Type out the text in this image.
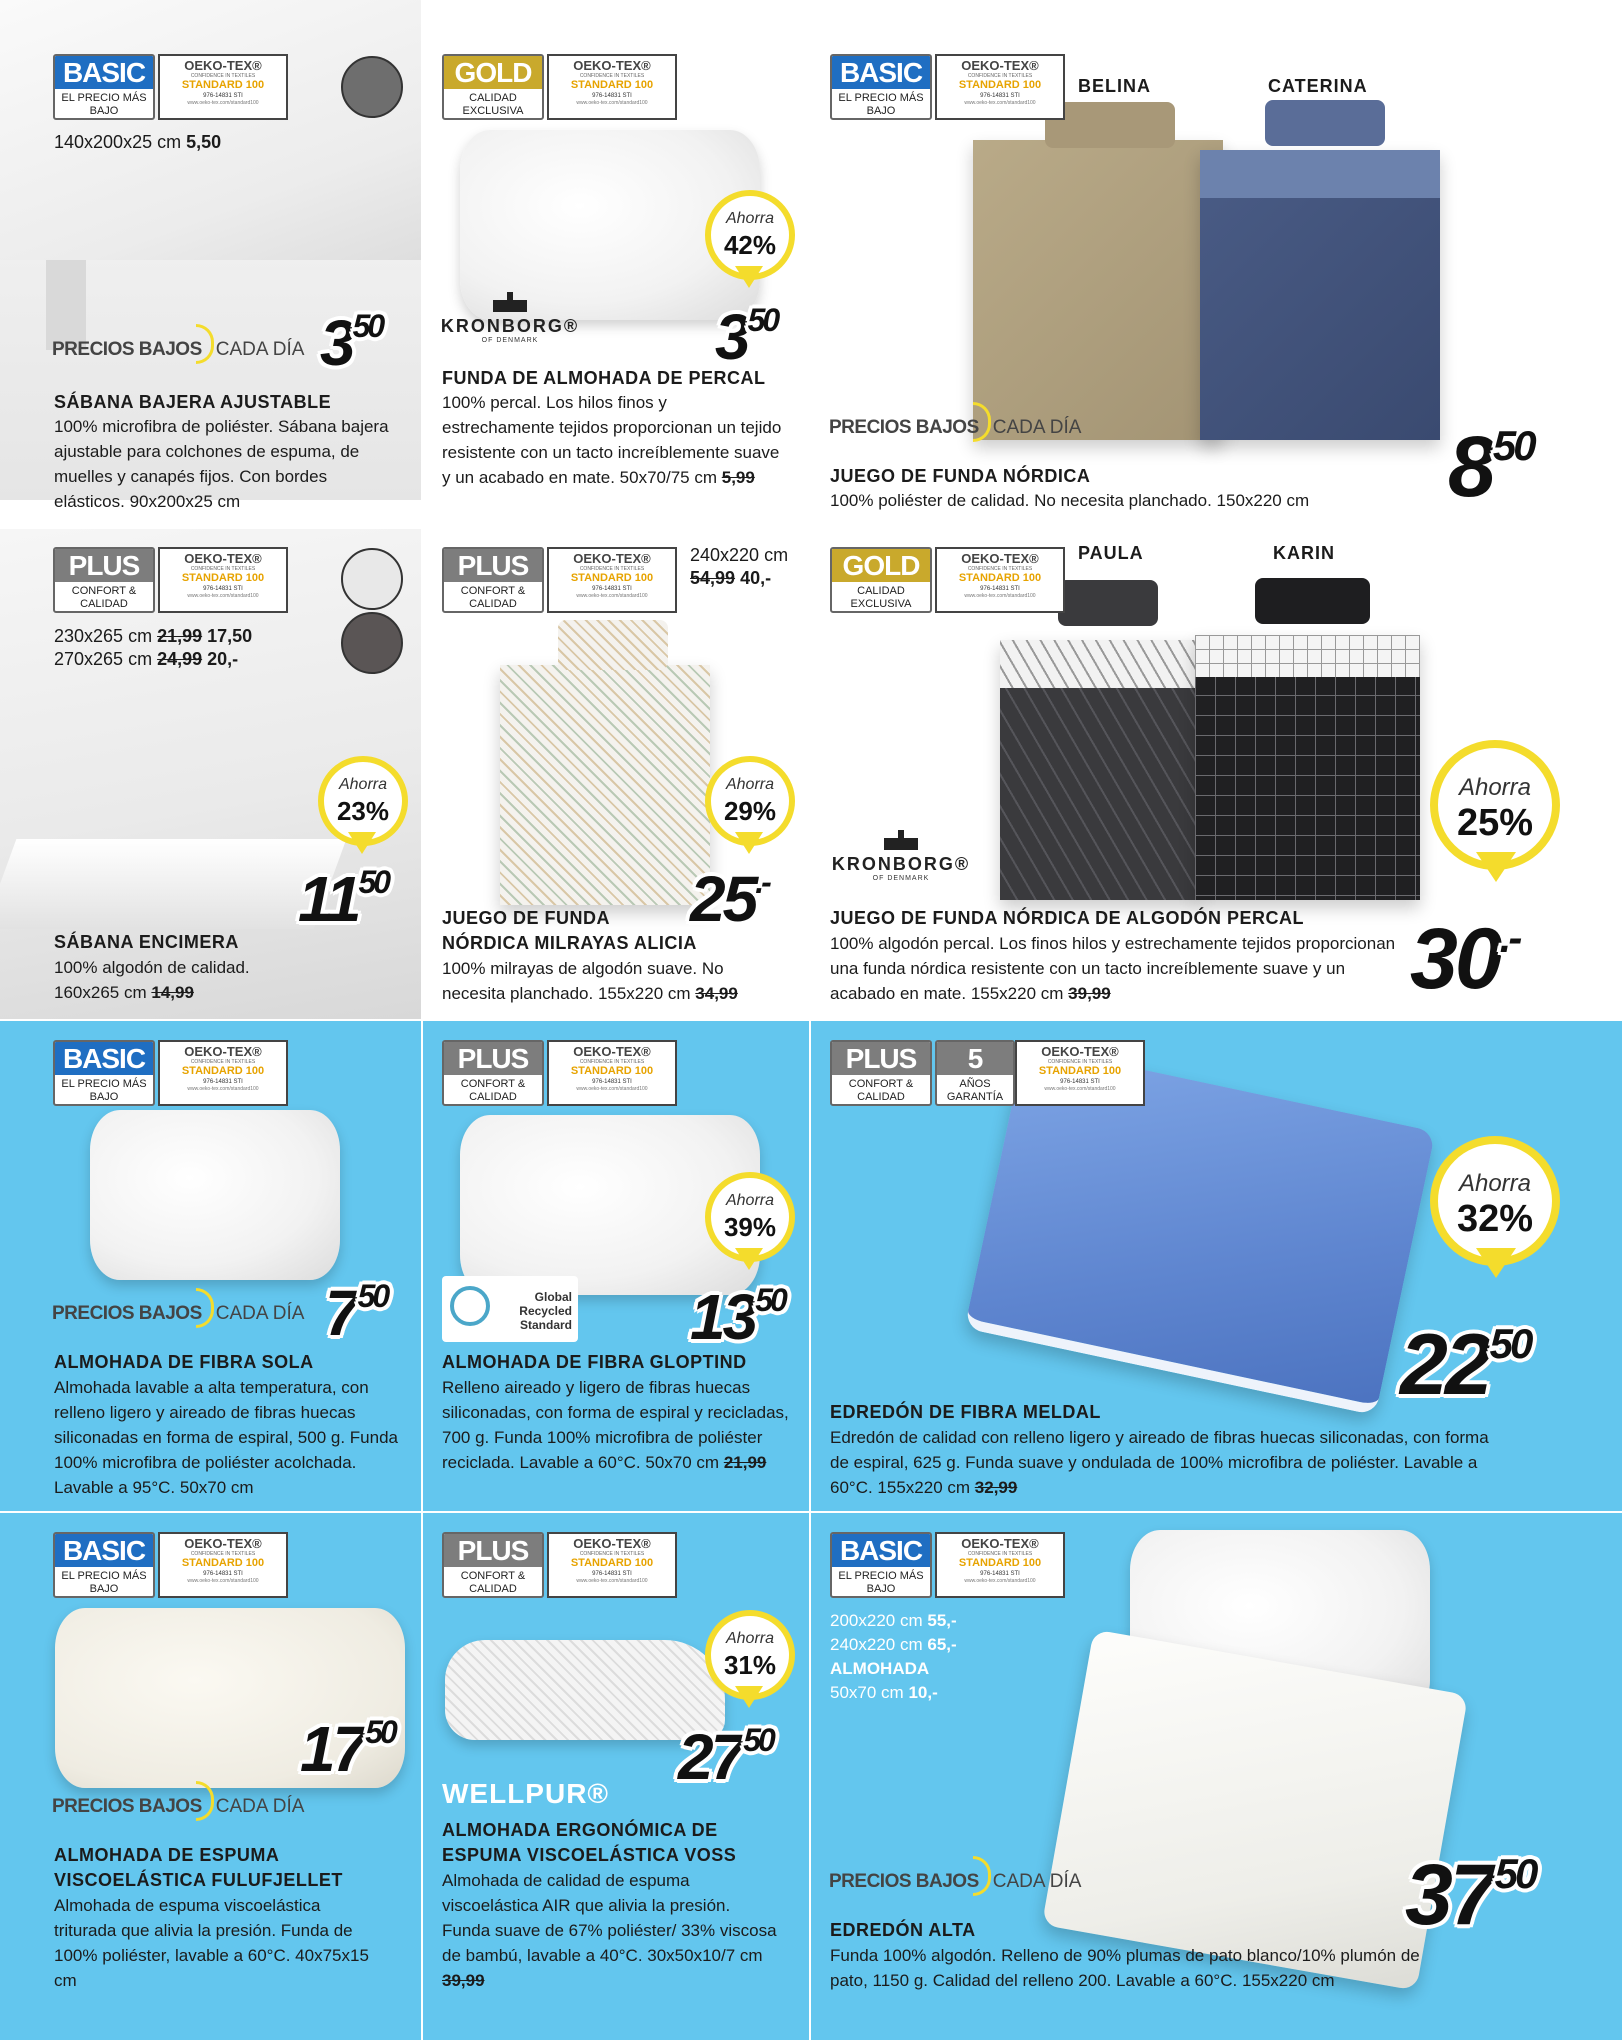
BASIC
EL PRECIO MÁS BAJO
OEKO-TEX®
CONFIDENCE IN TEXTILES
STANDARD 100
976-14831 STI
www.oeko-tex.com/standard100
140x200x25 cm 5,50
PRECIOS BAJOS CADA DÍA 350
SÁBANA BAJERA AJUSTABLE
100% microfibra de poliéster. Sábana bajera ajustable para colchones de espuma, de muelles y canapés fijos. Con bordes elásticos. 90x200x25 cm
GOLD
CALIDAD EXCLUSIVA
OEKO-TEX®
CONFIDENCE IN TEXTILES
STANDARD 100
976-14831 STI
www.oeko-tex.com/standard100
Ahorra
42%
KRONBORG®
OF DENMARK	350
FUNDA DE ALMOHADA DE PERCAL
100% percal. Los hilos finos y estrechamente tejidos proporcionan un tejido resistente con un tacto increíblemente suave y un acabado en mate. 50x70/75 cm 5,99
BASIC
EL PRECIO MÁS BAJO
OEKO-TEX®
CONFIDENCE IN TEXTILES
STANDARD 100
976-14831 STI
www.oeko-tex.com/standard100
BELINA	CATERINA
PRECIOS BAJOS CADA DÍA	850
JUEGO DE FUNDA NÓRDICA
100% poliéster de calidad. No necesita planchado. 150x220 cm
PLUS
CONFORT & CALIDAD
OEKO-TEX®
CONFIDENCE IN TEXTILES
STANDARD 100
976-14831 STI
www.oeko-tex.com/standard100
230x265 cm 21,99 17,50
270x265 cm 24,99 20,-
Ahorra
23%
1150
SÁBANA ENCIMERA
100% algodón de calidad.
160x265 cm 14,99
PLUS
CONFORT & CALIDAD
OEKO-TEX®
CONFIDENCE IN TEXTILES
STANDARD 100
976-14831 STI
www.oeko-tex.com/standard100
240x220 cm
54,99 40,-
Ahorra
29%
25.-
JUEGO DE FUNDA
NÓRDICA MILRAYAS ALICIA
100% milrayas de algodón suave. No necesita planchado. 155x220 cm 34,99
GOLD
CALIDAD EXCLUSIVA
OEKO-TEX®
CONFIDENCE IN TEXTILES
STANDARD 100
976-14831 STI
www.oeko-tex.com/standard100
PAULA	KARIN
KRONBORG®
OF DENMARK
Ahorra
25%
30.-
JUEGO DE FUNDA NÓRDICA DE ALGODÓN PERCAL
100% algodón percal. Los finos hilos y estrechamente tejidos proporcionan una funda nórdica resistente con un tacto increíblemente suave y un acabado en mate. 155x220 cm 39,99
BASIC
EL PRECIO MÁS BAJO
OEKO-TEX®
CONFIDENCE IN TEXTILES
STANDARD 100
976-14831 STI
www.oeko-tex.com/standard100
PRECIOS BAJOS CADA DÍA 750
ALMOHADA DE FIBRA SOLA
Almohada lavable a alta temperatura, con relleno ligero y aireado de fibras huecas siliconadas en forma de espiral, 500 g. Funda 100% microfibra de poliéster acolchada. Lavable a 95°C. 50x70 cm
PLUS
CONFORT & CALIDAD
OEKO-TEX®
CONFIDENCE IN TEXTILES
STANDARD 100
976-14831 STI
www.oeko-tex.com/standard100
Ahorra
39%
Global Recycled Standard 1350
ALMOHADA DE FIBRA GLOPTIND
Relleno aireado y ligero de fibras huecas siliconadas, con forma de espiral y recicladas, 700 g. Funda 100% microfibra de poliéster reciclada. Lavable a 60°C. 50x70 cm 21,99
PLUS
CONFORT & CALIDAD
5
AÑOS GARANTÍA
OEKO-TEX®
CONFIDENCE IN TEXTILES
STANDARD 100
976-14831 STI
www.oeko-tex.com/standard100
Ahorra
32%
2250
EDREDÓN DE FIBRA MELDAL
Edredón de calidad con relleno ligero y aireado de fibras huecas siliconadas, con forma de espiral, 625 g. Funda suave y ondulada de 100% microfibra de poliéster. Lavable a 60°C. 155x220 cm 32,99
BASIC
EL PRECIO MÁS BAJO
OEKO-TEX®
CONFIDENCE IN TEXTILES
STANDARD 100
976-14831 STI
www.oeko-tex.com/standard100
1750
PRECIOS BAJOS CADA DÍA
ALMOHADA DE ESPUMA
VISCOELÁSTICA FULUFJELLET
Almohada de espuma viscoelástica triturada que alivia la presión. Funda de 100% poliéster, lavable a 60°C. 40x75x15 cm
PLUS
CONFORT & CALIDAD
OEKO-TEX®
CONFIDENCE IN TEXTILES
STANDARD 100
976-14831 STI
www.oeko-tex.com/standard100
Ahorra
31%
2750
WELLPUR®
ALMOHADA ERGONÓMICA DE
ESPUMA VISCOELÁSTICA VOSS
Almohada de calidad de espuma viscoelástica AIR que alivia la presión. Funda suave de 67% poliéster/ 33% viscosa de bambú, lavable a 40°C. 30x50x10/7 cm 39,99
BASIC
EL PRECIO MÁS BAJO
OEKO-TEX®
CONFIDENCE IN TEXTILES
STANDARD 100
976-14831 STI
www.oeko-tex.com/standard100
200x220 cm 55,-
240x220 cm 65,-
ALMOHADA
50x70 cm 10,-
PRECIOS BAJOS CADA DÍA	3750
EDREDÓN ALTA
Funda 100% algodón. Relleno de 90% plumas de pato blanco/10% plumón de pato, 1150 g. Calidad del relleno 200. Lavable a 60°C. 155x220 cm
